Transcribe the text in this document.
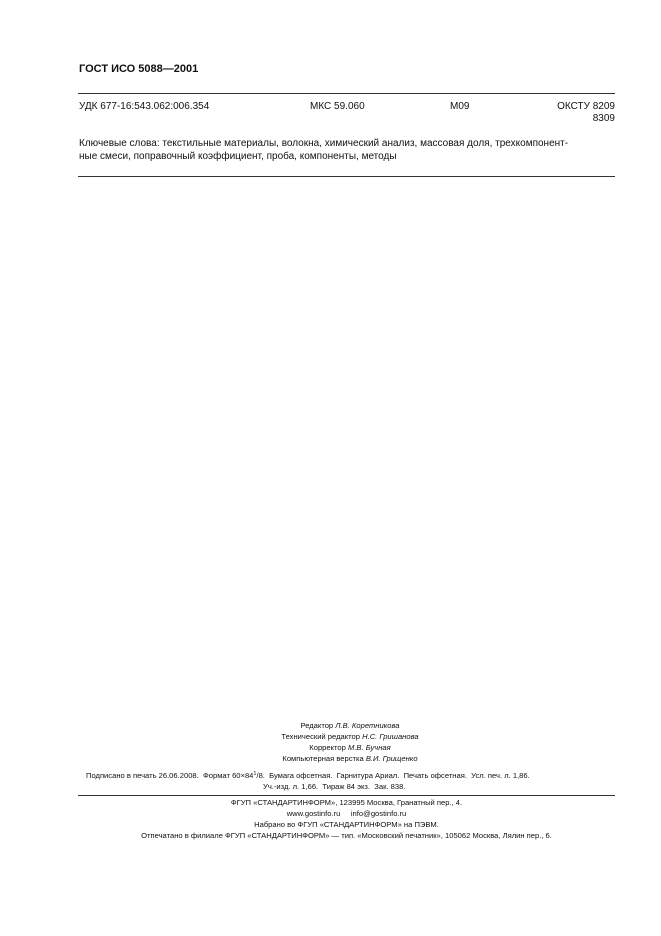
ГОСТ ИСО 5088—2001
УДК 677-16:543.062:006.354	МКС 59.060	М09	ОКСТУ 8209
8309
Ключевые слова: текстильные материалы, волокна, химический анализ, массовая доля, трехкомпонент-
ные смеси, поправочный коэффициент, проба, компоненты, методы
Редактор Л.В. Коретникова
Технический редактор Н.С. Гришанова
Корректор М.В. Бучная
Компьютерная верстка В.И. Грищенко
Подписано в печать 26.06.2008. Формат $60\times 84^1/8$. Бумага офсетная. Гарнитура Ариал. Печать офсетная. Усл. печ. л. 1,86.
Уч.-изд. л. 1,66. Тираж 84 экз. Зак. 838.
ФГУП «СТАНДАРТИНФОРМ», 123995 Москва, Гранатный пер., 4.
www.gostinfo.ru info@gostinfo.ru
Набрано во ФГУП «СТАНДАРТИНФОРМ» на ПЭВМ.
Отпечатано в филиале ФГУП «СТАНДАРТИНФОРМ» — тип. «Московский печатник», 105062 Москва, Лялин пер., 6.
